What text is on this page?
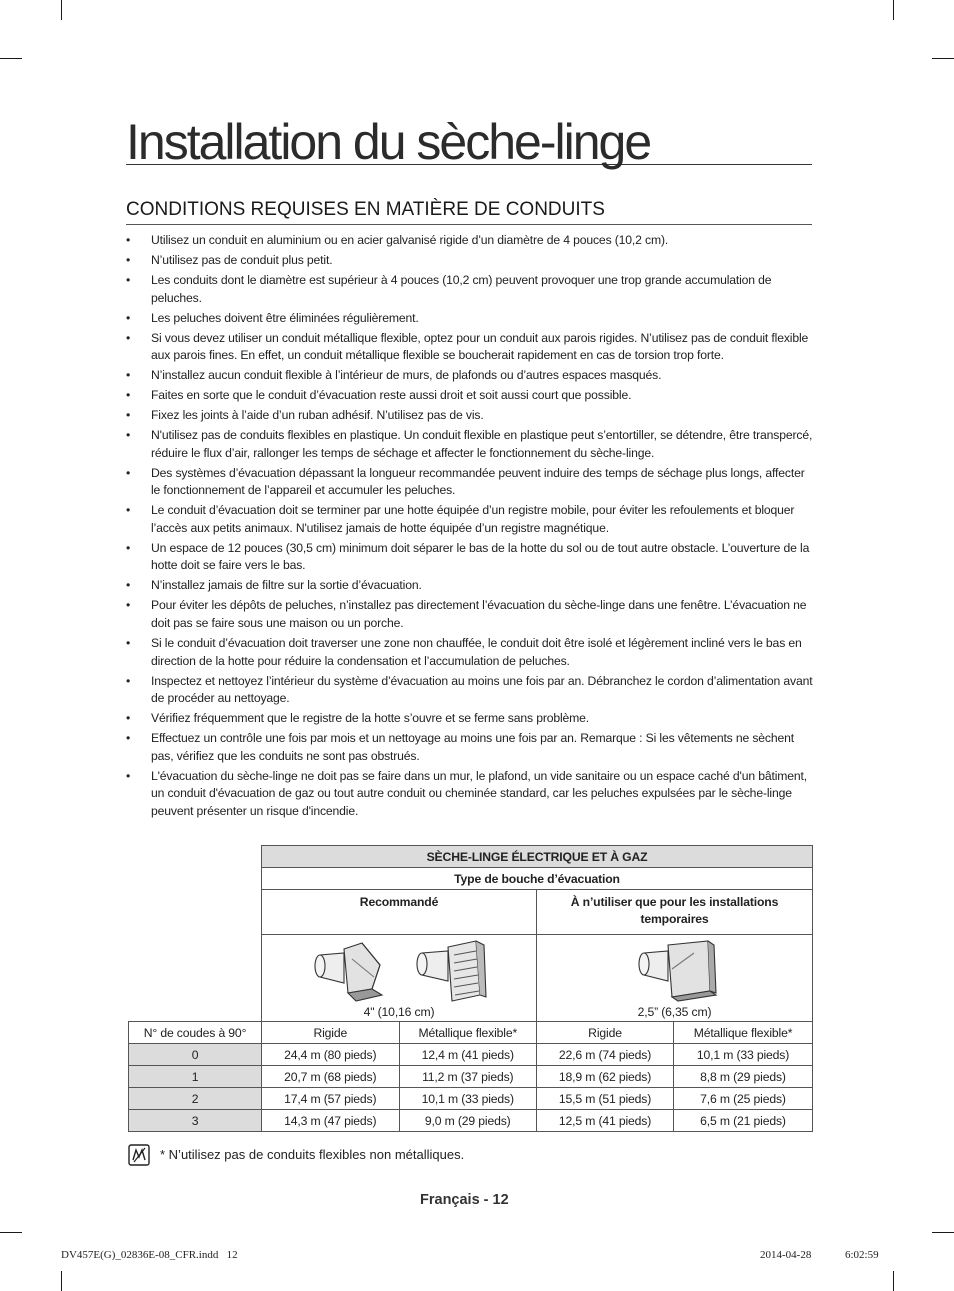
Installation du sèche-linge
CONDITIONS REQUISES EN MATIÈRE DE CONDUITS
• Utilisez un conduit en aluminium ou en acier galvanisé rigide d’un diamètre de 4 pouces (10,2 cm).
• N’utilisez pas de conduit plus petit.
• Les conduits dont le diamètre est supérieur à 4 pouces (10,2 cm) peuvent provoquer une trop grande accumulation de peluches.
• Les peluches doivent être éliminées régulièrement.
• Si vous devez utiliser un conduit métallique flexible, optez pour un conduit aux parois rigides. N’utilisez pas de conduit flexible aux parois fines. En effet, un conduit métallique flexible se boucherait rapidement en cas de torsion trop forte.
• N’installez aucun conduit flexible à l’intérieur de murs, de plafonds ou d’autres espaces masqués.
• Faites en sorte que le conduit d’évacuation reste aussi droit et soit aussi court que possible.
• Fixez les joints à l’aide d’un ruban adhésif. N’utilisez pas de vis.
• N'utilisez pas de conduits flexibles en plastique. Un conduit flexible en plastique peut s’entortiller, se détendre, être transpercé, réduire le flux d’air, rallonger les temps de séchage et affecter le fonctionnement du sèche-linge.
• Des systèmes d’évacuation dépassant la longueur recommandée peuvent induire des temps de séchage plus longs, affecter le fonctionnement de l’appareil et accumuler les peluches.
• Le conduit d’évacuation doit se terminer par une hotte équipée d’un registre mobile, pour éviter les refoulements et bloquer l’accès aux petits animaux. N'utilisez jamais de hotte équipée d’un registre magnétique.
• Un espace de 12 pouces (30,5 cm) minimum doit séparer le bas de la hotte du sol ou de tout autre obstacle. L’ouverture de la hotte doit se faire vers le bas.
• N’installez jamais de filtre sur la sortie d’évacuation.
• Pour éviter les dépôts de peluches, n’installez pas directement l’évacuation du sèche-linge dans une fenêtre. L’évacuation ne doit pas se faire sous une maison ou un porche.
• Si le conduit d’évacuation doit traverser une zone non chauffée, le conduit doit être isolé et légèrement incliné vers le bas en direction de la hotte pour réduire la condensation et l’accumulation de peluches.
• Inspectez et nettoyez l’intérieur du système d’évacuation au moins une fois par an. Débranchez le cordon d’alimentation avant de procéder au nettoyage.
• Vérifiez fréquemment que le registre de la hotte s’ouvre et se ferme sans problème.
• Effectuez un contrôle une fois par mois et un nettoyage au moins une fois par an. Remarque : Si les vêtements ne sèchent pas, vérifiez que les conduits ne sont pas obstrués.
• L'évacuation du sèche-linge ne doit pas se faire dans un mur, le plafond, un vide sanitaire ou un espace caché d'un bâtiment, un conduit d'évacuation de gaz ou tout autre conduit ou cheminée standard, car les peluches expulsées par le sèche-linge peuvent présenter un risque d'incendie.
	SÈCHE-LINGE ÉLECTRIQUE ET À GAZ			
	Type de bouche d’évacuation			
	Recommandé		À n’utiliser que pour les installations temporaires	

	4" (10,16 cm)		2,5” (6,35 cm)	

N° de coudes à 90°	Rigide	Métallique flexible*	Rigide	Métallique flexible*
0	24,4 m (80 pieds)	12,4 m (41 pieds)	22,6 m (74 pieds)	10,1 m (33 pieds)
1	20,7 m (68 pieds)	11,2 m (37 pieds)	18,9 m (62 pieds)	8,8 m (29 pieds)
2	17,4 m (57 pieds)	10,1 m (33 pieds)	15,5 m (51 pieds)	7,6 m (25 pieds)
3	14,3 m (47 pieds)	9,0 m (29 pieds)	12,5 m (41 pieds)	6,5 m (21 pieds)
* N’utilisez pas de conduits flexibles non métalliques.
Français - 12
DV457E(G)_02836E-08_CFR.indd   12	2014-04-28	6:02:59
